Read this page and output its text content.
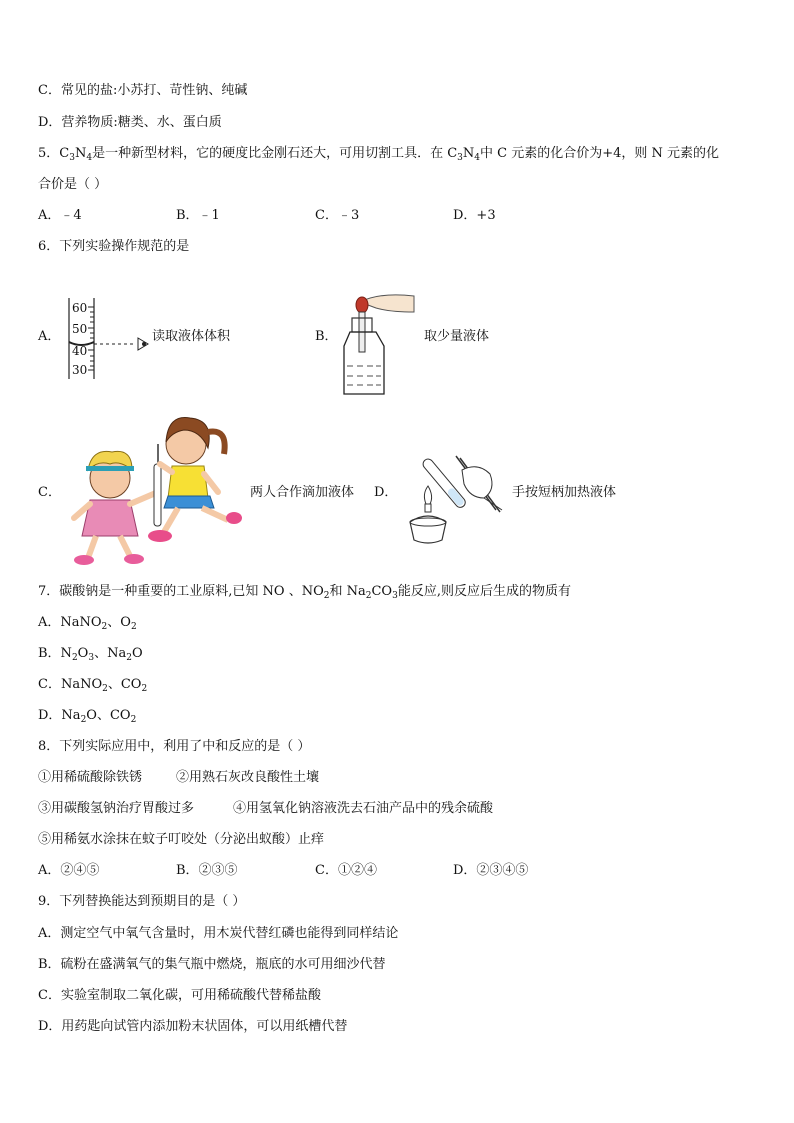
C．常见的盐:小苏打、苛性钠、纯碱
D．营养物质:糖类、水、蛋白质
5．$C_3N_4$是一种新型材料，它的硬度比金刚石还大，可用切割工具．在 $C_3N_4$中 C 元素的化合价为+4，则 N 元素的化
合价是（ ）
A．﹣4	B．﹣1	C．﹣3	D．+3
6．下列实验操作规范的是
A．
60
50
40
30
读取液体体积	B．	取少量液体
C．	两人合作滴加液体 D．	手按短柄加热液体
7．碳酸钠是一种重要的工业原料,已知 NO 、$NO_2$和 $Na_2CO_3$能反应,则反应后生成的物质有
A．NaNO$_2$、$O_2$
B．$N_2O_3$、$Na_2O$
C．NaNO$_2$、$CO_2$
D．$Na_2O$、$CO_2$
8．下列实际应用中，利用了中和反应的是（ ）
①用稀硫酸除铁锈	②用熟石灰改良酸性土壤
③用碳酸氢钠治疗胃酸过多	④用氢氧化钠溶液洗去石油产品中的残余硫酸
⑤用稀氨水涂抹在蚊子叮咬处（分泌出蚁酸）止痒
A．②④⑤	B．②③⑤	C．①②④	D．②③④⑤
9．下列替换能达到预期目的是（ ）
A．测定空气中氧气含量时，用木炭代替红磷也能得到同样结论
B．硫粉在盛满氧气的集气瓶中燃烧，瓶底的水可用细沙代替
C．实验室制取二氧化碳，可用稀硫酸代替稀盐酸
D．用药匙向试管内添加粉末状固体，可以用纸槽代替
